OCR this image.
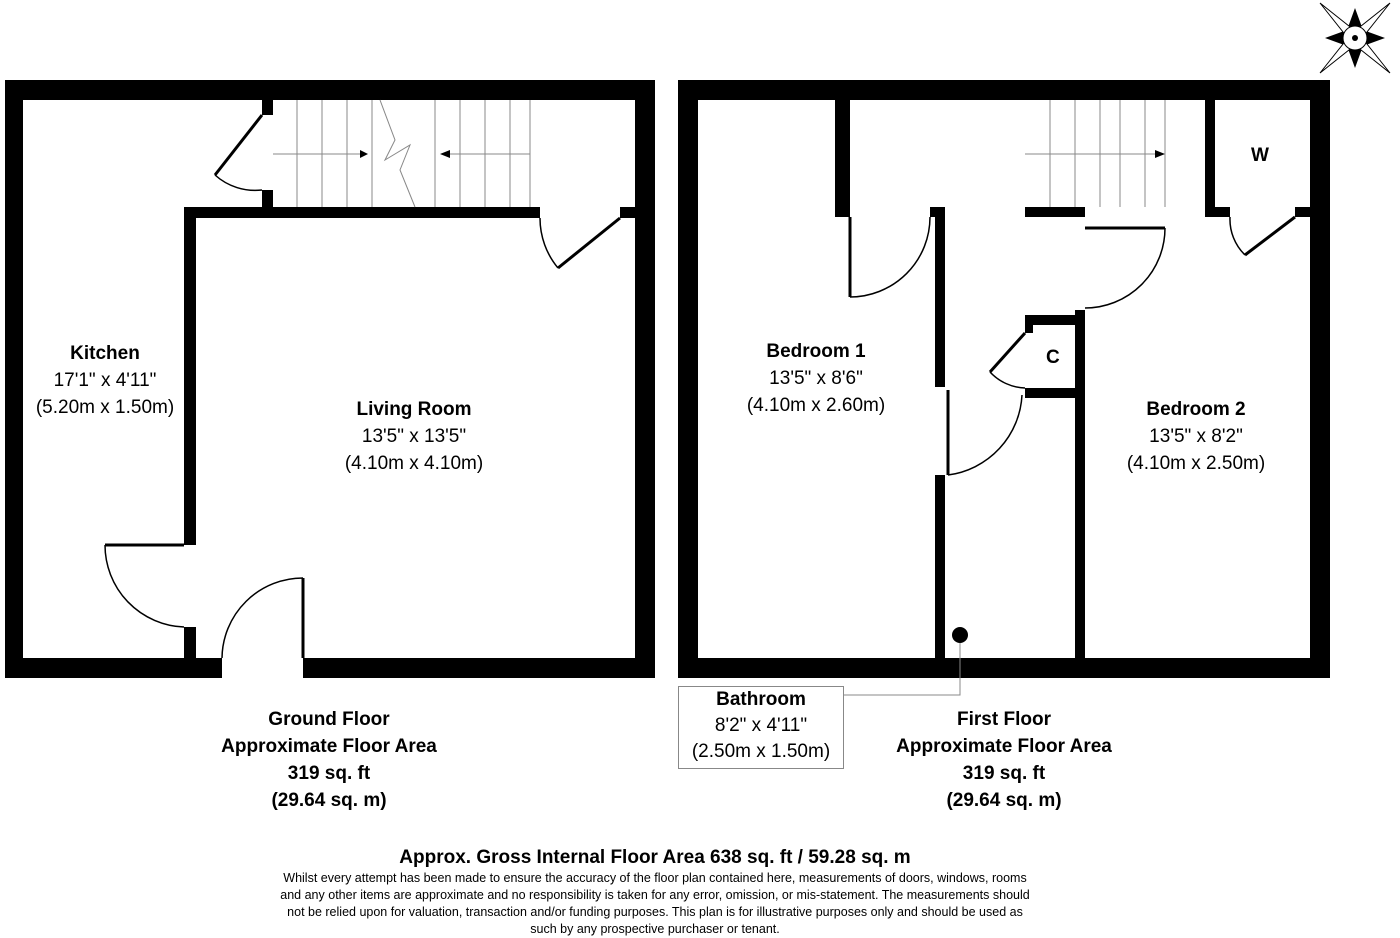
Kitchen
17'1" x 4'11"
(5.20m x 1.50m)	Living Room
13'5" x 13'5"
(4.10m x 4.10m)
Bedroom 1
13'5" x 8'6"
(4.10m x 2.60m)	Bedroom 2
13'5" x 8'2"
(4.10m x 2.50m)
W
C
Bathroom
8'2" x 4'11"
(2.50m x 1.50m)
Ground Floor
Approximate Floor Area
319 sq. ft
(29.64 sq. m)
First Floor
Approximate Floor Area
319 sq. ft
(29.64 sq. m)
Approx. Gross Internal Floor Area 638 sq. ft / 59.28 sq. m
Whilst every attempt has been made to ensure the accuracy of the floor plan contained here, measurements of doors, windows, rooms and any other items are approximate and no responsibility is taken for any error, omission, or mis-statement. The measurements should not be relied upon for valuation, transaction and/or funding purposes. This plan is for illustrative purposes only and should be used as such by any prospective purchaser or tenant.
